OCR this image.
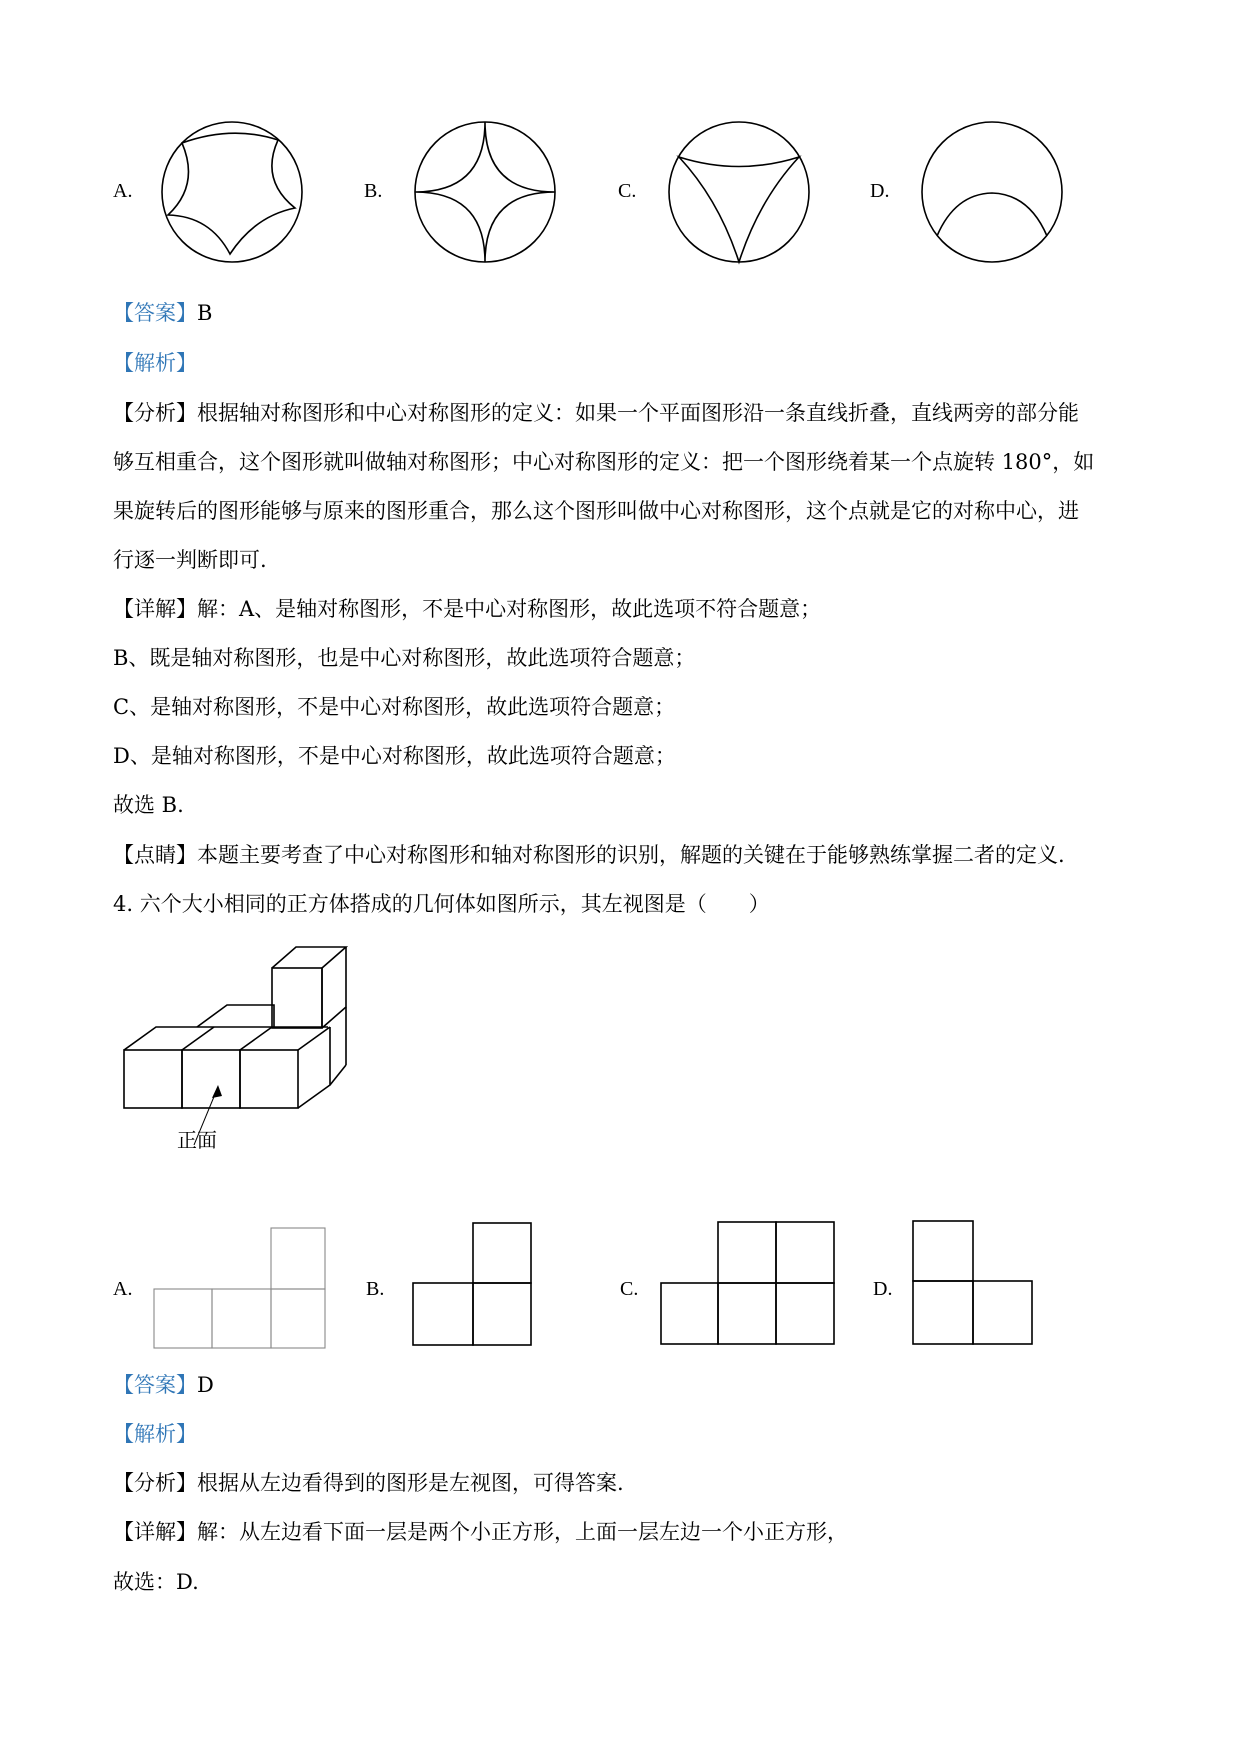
A.	B.	C.	D.
【答案】B
【解析】
【分析】根据轴对称图形和中心对称图形的定义：如果一个平面图形沿一条直线折叠，直线两旁的部分能
够互相重合，这个图形就叫做轴对称图形；中心对称图形的定义：把一个图形绕着某一个点旋转 180°，如
果旋转后的图形能够与原来的图形重合，那么这个图形叫做中心对称图形，这个点就是它的对称中心，进
行逐一判断即可.
【详解】解：A、是轴对称图形，不是中心对称图形，故此选项不符合题意；
B、既是轴对称图形，也是中心对称图形，故此选项符合题意；
C、是轴对称图形，不是中心对称图形，故此选项符合题意；
D、是轴对称图形，不是中心对称图形，故此选项符合题意；
故选 B.
【点睛】本题主要考查了中心对称图形和轴对称图形的识别，解题的关键在于能够熟练掌握二者的定义.
4. 六个大小相同的正方体搭成的几何体如图所示，其左视图是（　　）
正面
A.	B.	C.	D.
【答案】D
【解析】
【分析】根据从左边看得到的图形是左视图，可得答案.
【详解】解：从左边看下面一层是两个小正方形，上面一层左边一个小正方形，
故选：D.
